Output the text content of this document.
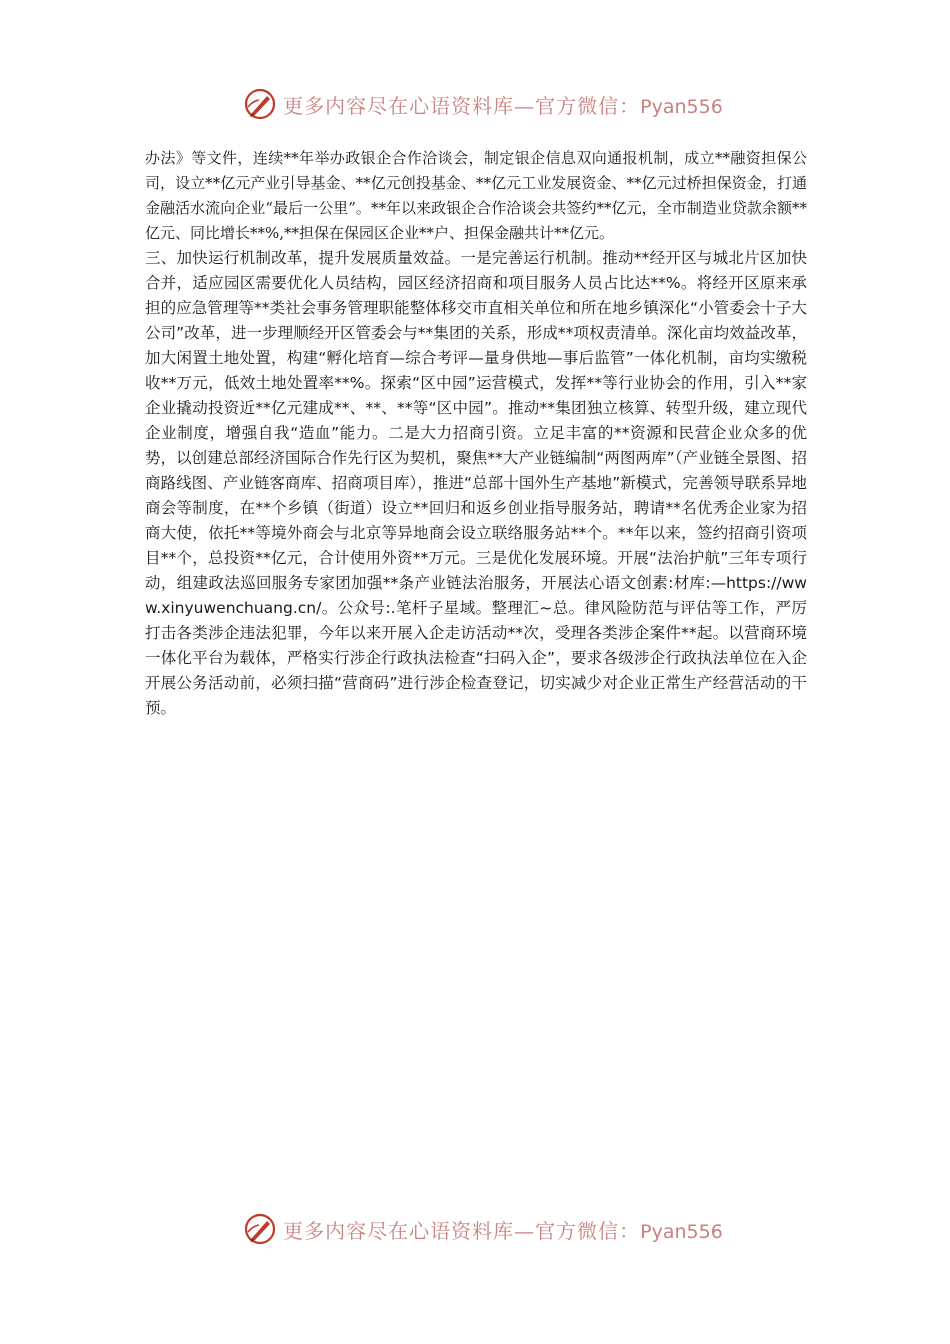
更多内容尽在心语资料库—官方微信：Pyan556

办法》等文件，连续**年举办政银企合作洽谈会，制定银企信息双向通报机制，成立**融资担保公司，设立**亿元产业引导基金、**亿元创投基金、**亿元工业发展资金、**亿元过桥担保资金，打通金融活水流向企业“最后一公里”。**年以来政银企合作洽谈会共签约**亿元，全市制造业贷款余额**亿元、同比增长**%,**担保在保园区企业**户、担保金融共计**亿元。

三、加快运行机制改革，提升发展质量效益。一是完善运行机制。推动**经开区与城北片区加快合并，适应园区需要优化人员结构，园区经济招商和项目服务人员占比达**%。将经开区原来承担的应急管理等**类社会事务管理职能整体移交市直相关单位和所在地乡镇深化“小管委会十子大公司”改革，进一步理顺经开区管委会与**集团的关系，形成**项权责清单。深化亩均效益改革，加大闲置土地处置，构建“孵化培育—综合考评—量身供地—事后监管”一体化机制，亩均实缴税收**万元，低效土地处置率**%。探索“区中园”运营模式，发挥**等行业协会的作用，引入**家企业撬动投资近**亿元建成**、**、**等“区中园”。推动**集团独立核算、转型升级，建立现代企业制度，增强自我“造血”能力。二是大力招商引资。立足丰富的**资源和民营企业众多的优势，以创建总部经济国际合作先行区为契机，聚焦**大产业链编制“两图两库”（产业链全景图、招商路线图、产业链客商库、招商项目库），推进“总部十国外生产基地”新模式，完善领导联系异地商会等制度，在**个乡镇（街道）设立**回归和返乡创业指导服务站，聘请**名优秀企业家为招商大使，依托**等境外商会与北京等异地商会设立联络服务站**个。**年以来，签约招商引资项目**个，总投资**亿元，合计使用外资**万元。三是优化发展环境。开展“法治护航”三年专项行动，组建政法巡回服务专家团加强**条产业链法治服务，开展法心语文创素:材库:—https://www.xinyuwenchuang.cn/。公众号:.笔杆子星域。整理汇~总。律风险防范与评估等工作，严厉打击各类涉企违法犯罪，今年以来开展入企走访活动**次，受理各类涉企案件**起。以营商环境一体化平台为载体，严格实行涉企行政执法检查“扫码入企”，要求各级涉企行政执法单位在入企开展公务活动前，必须扫描“营商码”进行涉企检查登记，切实减少对企业正常生产经营活动的干预。

更多内容尽在心语资料库—官方微信：Pyan556
